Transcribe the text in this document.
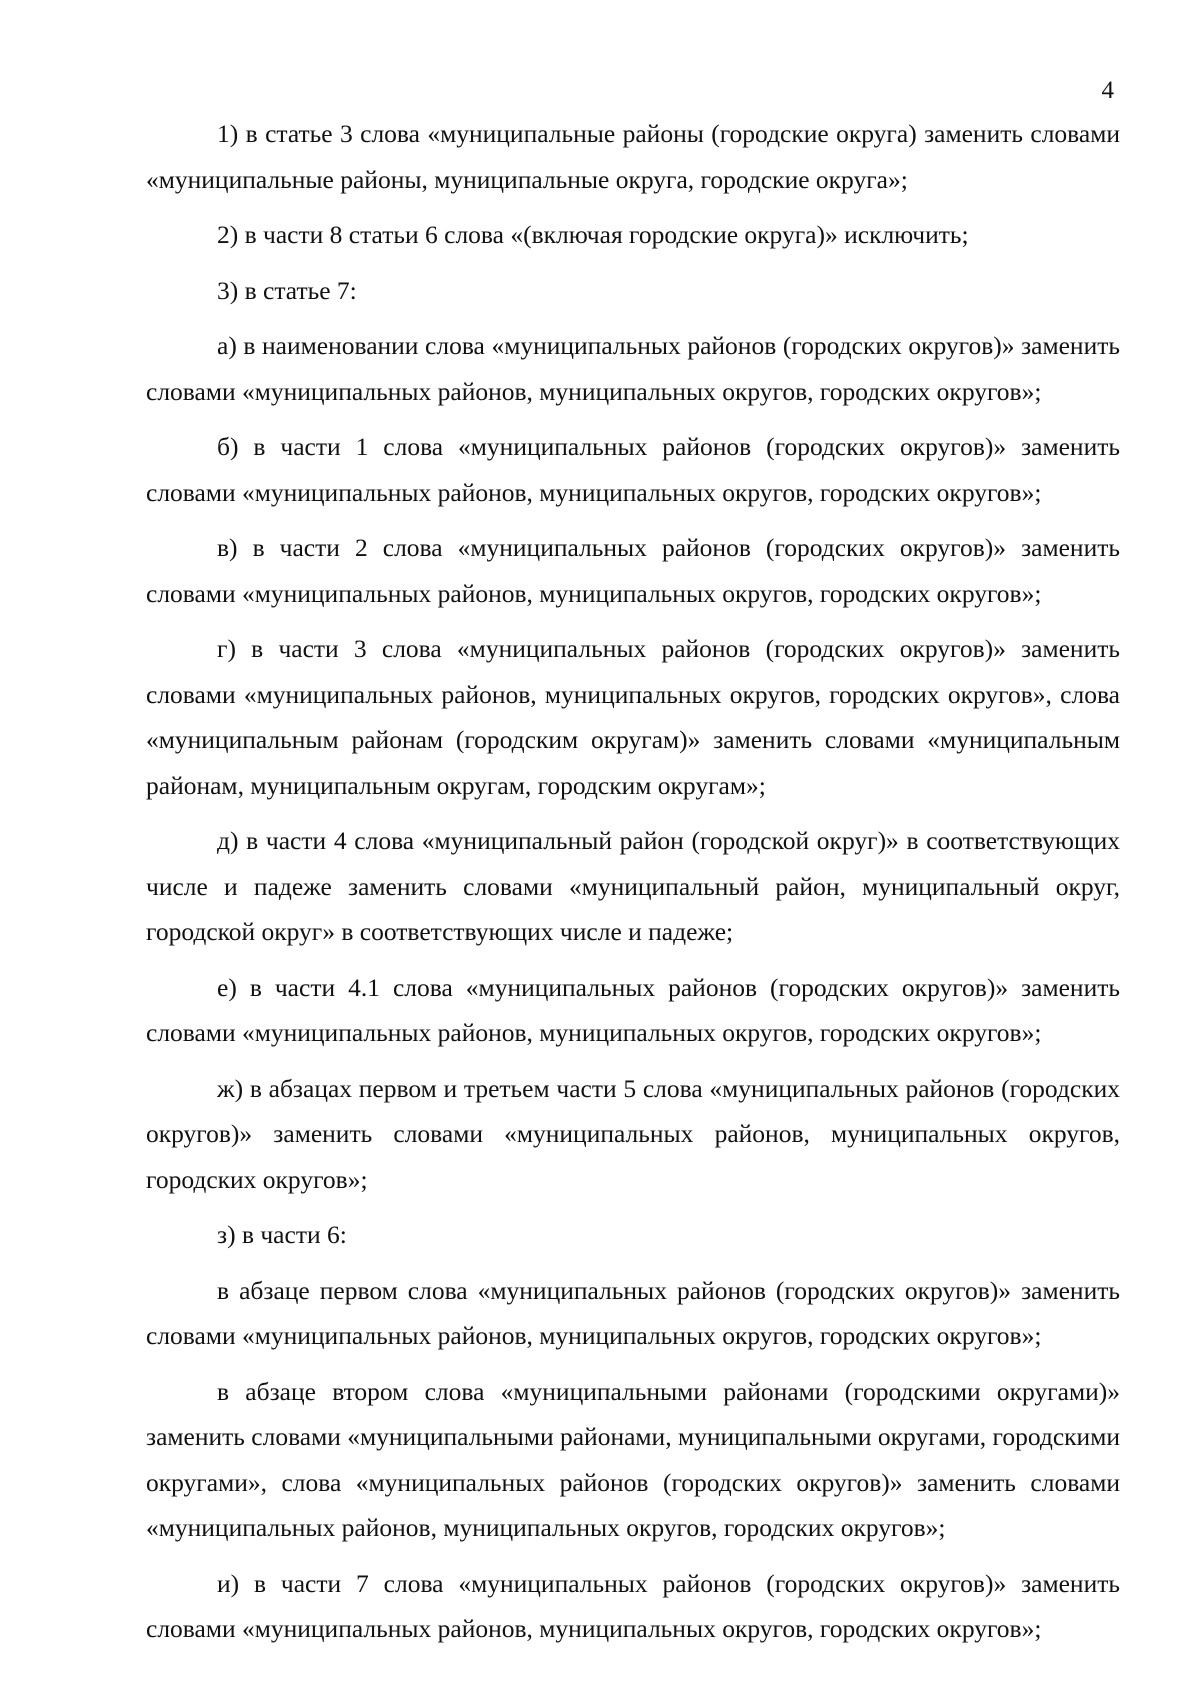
4

1) в статье 3 слова «муниципальные районы (городские округа) заменить словами «муниципальные районы, муниципальные округа, городские округа»;

2) в части 8 статьи 6 слова «(включая городские округа)» исключить;

3) в статье 7:

а) в наименовании слова «муниципальных районов (городских округов)» заменить словами «муниципальных районов, муниципальных округов, городских округов»;

б) в части 1 слова «муниципальных районов (городских округов)» заменить словами «муниципальных районов, муниципальных округов, городских округов»;

в) в части 2 слова «муниципальных районов (городских округов)» заменить словами «муниципальных районов, муниципальных округов, городских округов»;

г) в части 3 слова «муниципальных районов (городских округов)» заменить словами «муниципальных районов, муниципальных округов, городских округов», слова «муниципальным районам (городским округам)» заменить словами «муниципальным районам, муниципальным округам, городским округам»;

д) в части 4 слова «муниципальный район (городской округ)» в соответствующих числе и падеже заменить словами «муниципальный район, муниципальный округ, городской округ» в соответствующих числе и падеже;

е) в части 4.1 слова «муниципальных районов (городских округов)» заменить словами «муниципальных районов, муниципальных округов, городских округов»;

ж) в абзацах первом и третьем части 5 слова «муниципальных районов (городских округов)» заменить словами «муниципальных районов, муниципальных округов, городских округов»;

з) в части 6:

в абзаце первом слова «муниципальных районов (городских округов)» заменить словами «муниципальных районов, муниципальных округов, городских округов»;

в абзаце втором слова «муниципальными районами (городскими округами)» заменить словами «муниципальными районами, муниципальными округами, городскими округами», слова «муниципальных районов (городских округов)» заменить словами «муниципальных районов, муниципальных округов, городских округов»;

и) в части 7 слова «муниципальных районов (городских округов)» заменить словами «муниципальных районов, муниципальных округов, городских округов»;
